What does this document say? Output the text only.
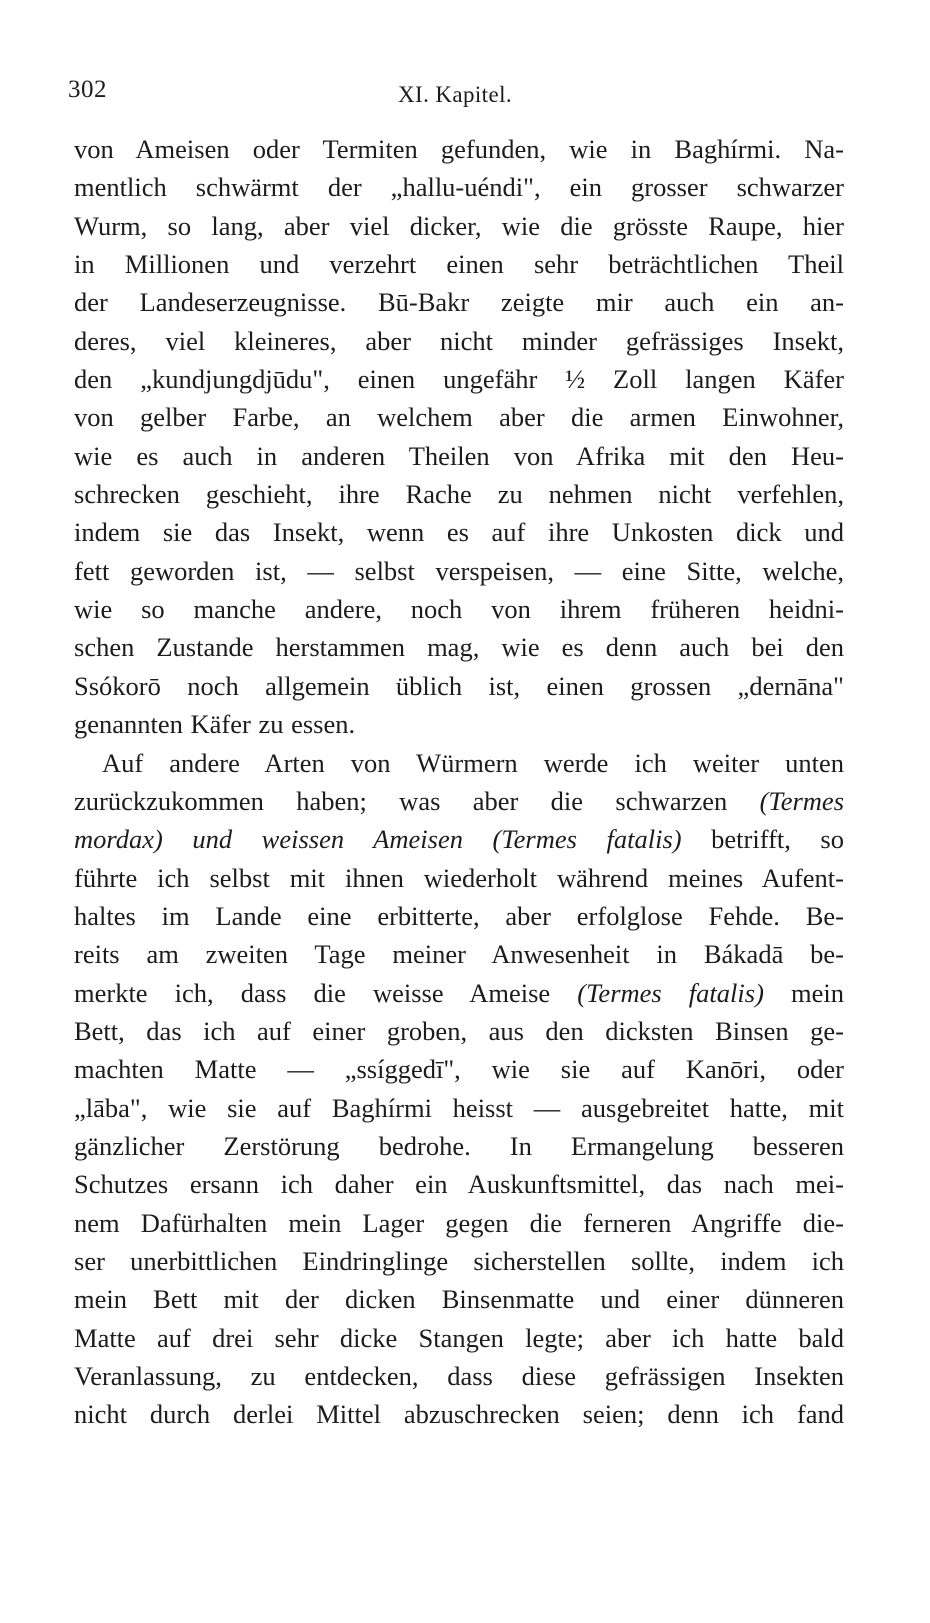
302	XI. Kapitel.
von Ameisen oder Termiten gefunden, wie in Baghírmi. Na-
mentlich schwärmt der „hallu-uéndi", ein grosser schwarzer
Wurm, so lang, aber viel dicker, wie die grösste Raupe, hier
in Millionen und verzehrt einen sehr beträchtlichen Theil
der Landeserzeugnisse. Bū-Bakr zeigte mir auch ein an-
deres, viel kleineres, aber nicht minder gefrässiges Insekt,
den „kundjungdjūdu", einen ungefähr ½ Zoll langen Käfer
von gelber Farbe, an welchem aber die armen Einwohner,
wie es auch in anderen Theilen von Afrika mit den Heu-
schrecken geschieht, ihre Rache zu nehmen nicht verfehlen,
indem sie das Insekt, wenn es auf ihre Unkosten dick und
fett geworden ist, — selbst verspeisen, — eine Sitte, welche,
wie so manche andere, noch von ihrem früheren heidni-
schen Zustande herstammen mag, wie es denn auch bei den
Ssókorō noch allgemein üblich ist, einen grossen „dernāna"
genannten Käfer zu essen.
Auf andere Arten von Würmern werde ich weiter unten
zurückzukommen haben; was aber die schwarzen (Termes
mordax) und weissen Ameisen (Termes fatalis) betrifft, so
führte ich selbst mit ihnen wiederholt während meines Aufent-
haltes im Lande eine erbitterte, aber erfolglose Fehde. Be-
reits am zweiten Tage meiner Anwesenheit in Bákadā be-
merkte ich, dass die weisse Ameise (Termes fatalis) mein
Bett, das ich auf einer groben, aus den dicksten Binsen ge-
machten Matte — „ssíggedī", wie sie auf Kanōri, oder
„lāba", wie sie auf Baghírmi heisst — ausgebreitet hatte, mit
gänzlicher Zerstörung bedrohe. In Ermangelung besseren
Schutzes ersann ich daher ein Auskunftsmittel, das nach mei-
nem Dafürhalten mein Lager gegen die ferneren Angriffe die-
ser unerbittlichen Eindringlinge sicherstellen sollte, indem ich
mein Bett mit der dicken Binsenmatte und einer dünneren
Matte auf drei sehr dicke Stangen legte; aber ich hatte bald
Veranlassung, zu entdecken, dass diese gefrässigen Insekten
nicht durch derlei Mittel abzuschrecken seien; denn ich fand
